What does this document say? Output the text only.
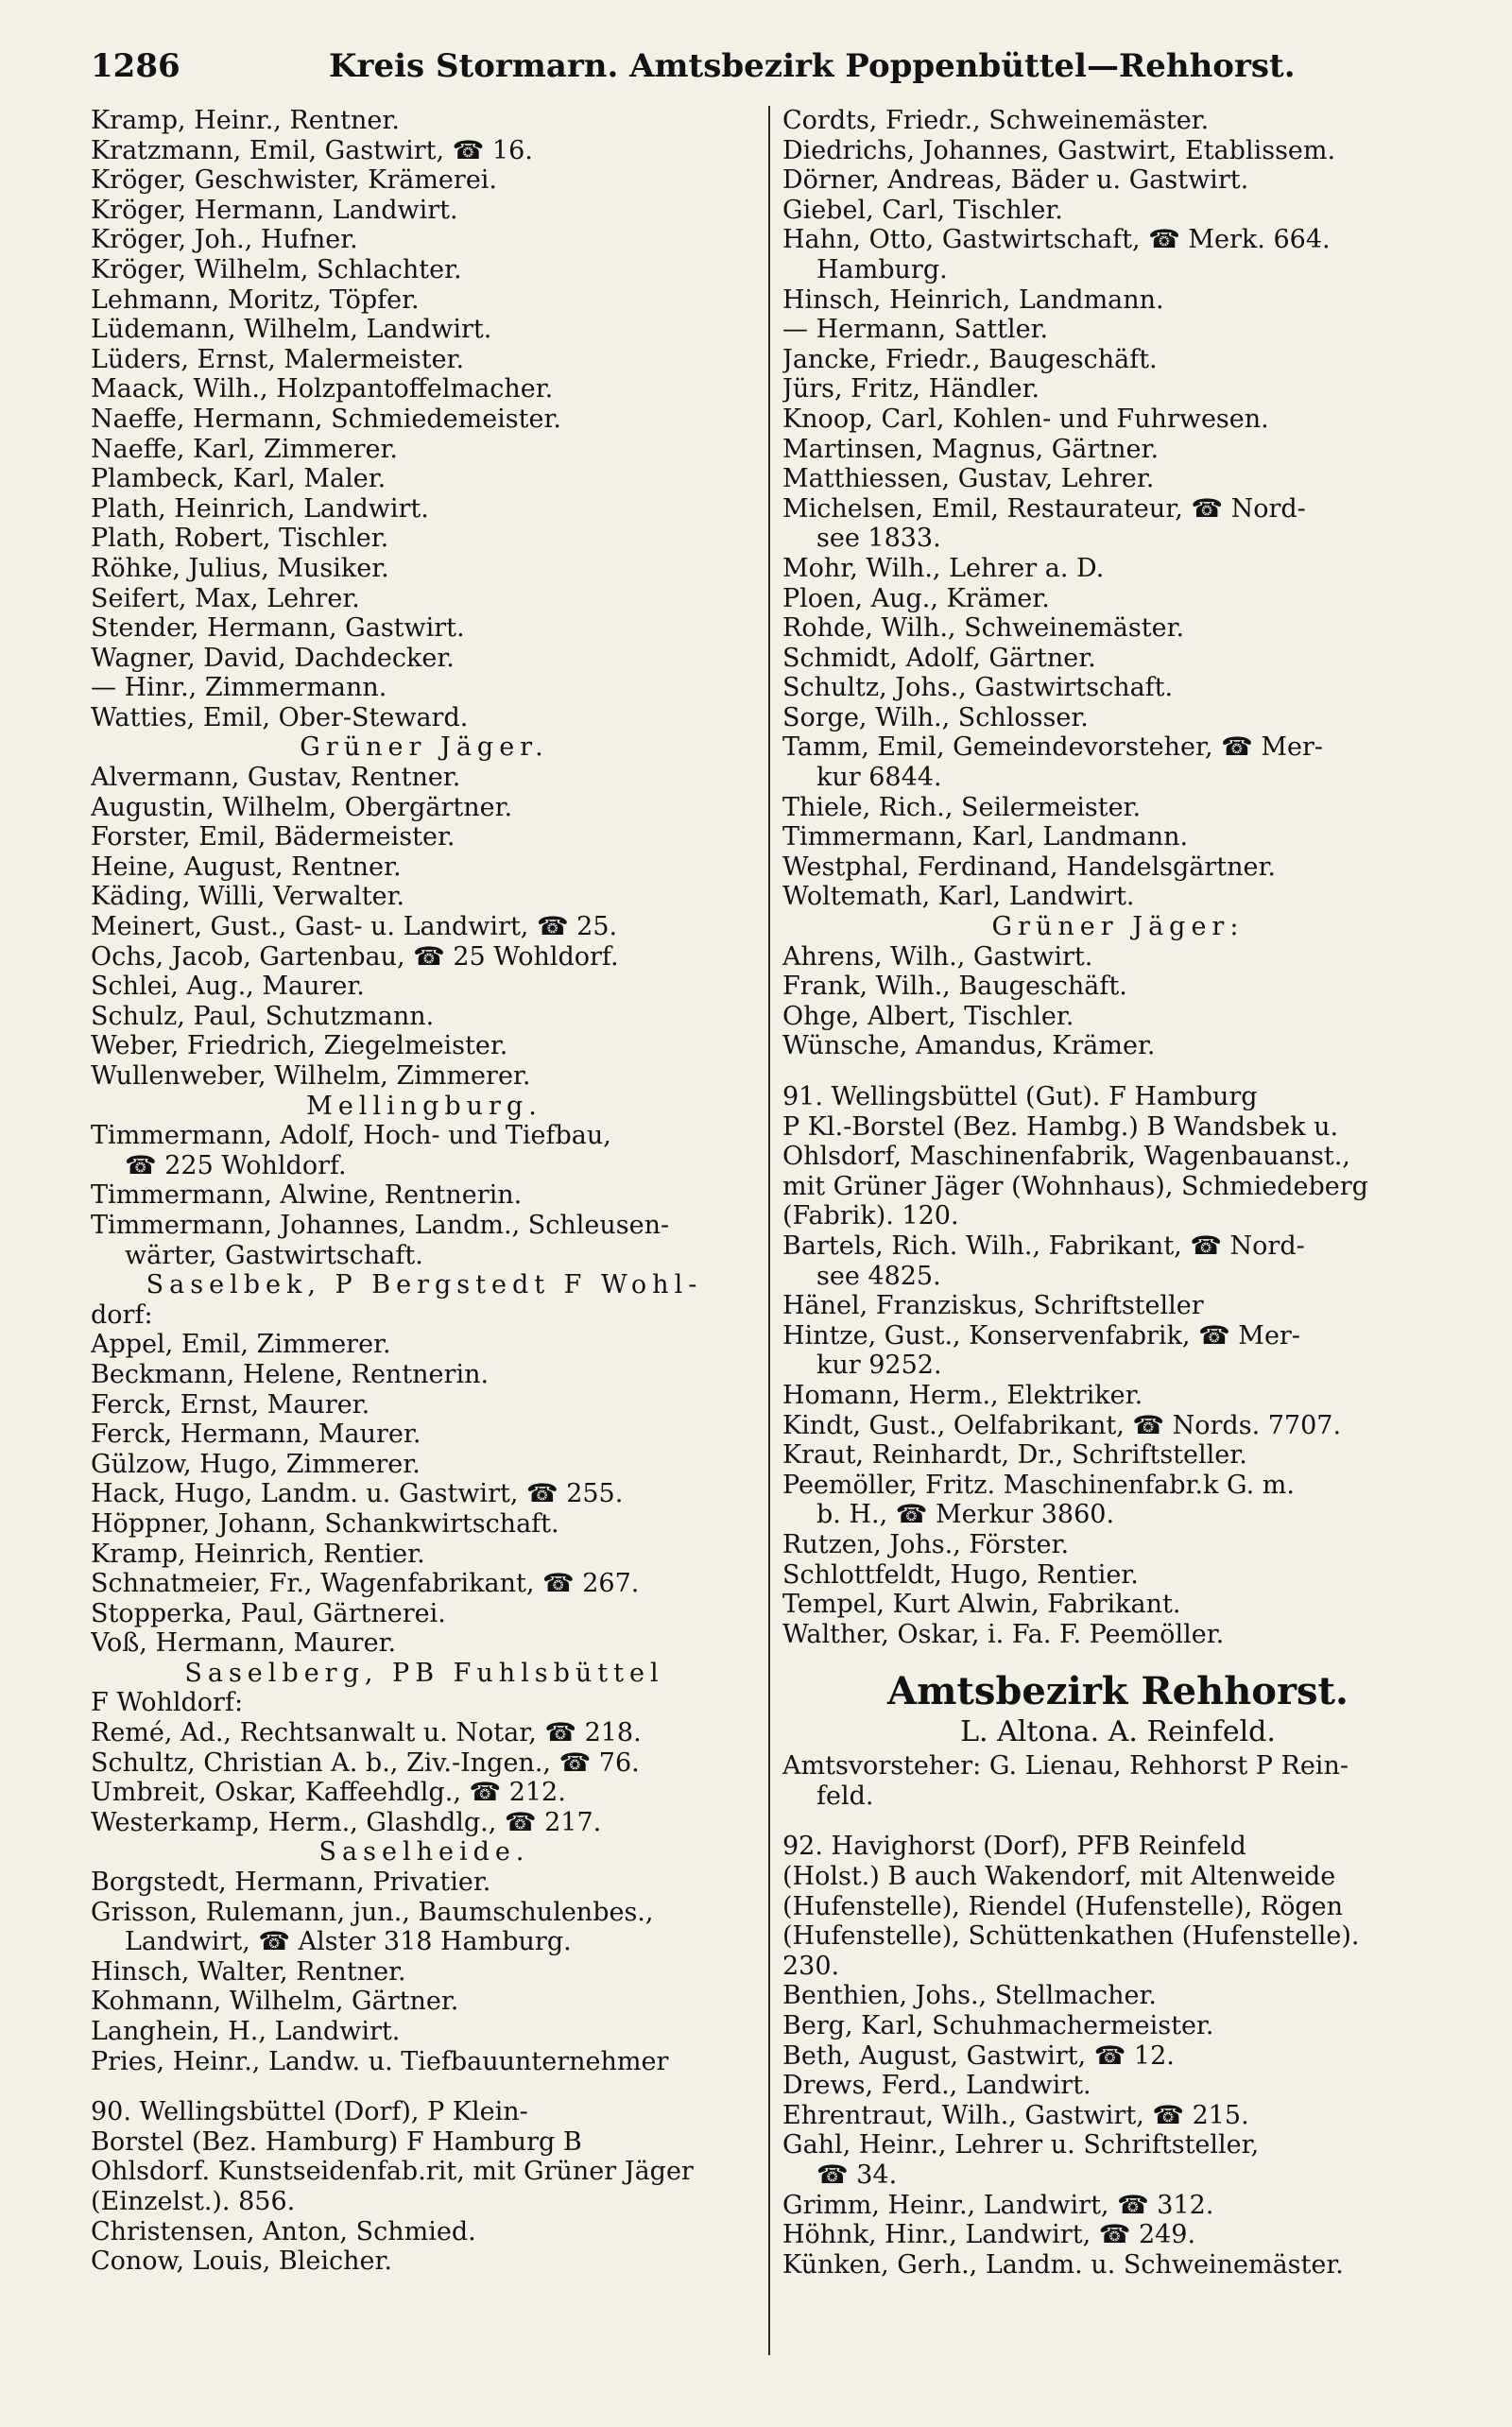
1286	Kreis Stormarn. Amtsbezirk Poppenbüttel—Rehhorst.
Kramp, Heinr., Rentner.
Kratzmann, Emil, Gastwirt, ☎ 16.
Kröger, Geschwister, Krämerei.
Kröger, Hermann, Landwirt.
Kröger, Joh., Hufner.
Kröger, Wilhelm, Schlachter.
Lehmann, Moritz, Töpfer.
Lüdemann, Wilhelm, Landwirt.
Lüders, Ernst, Malermeister.
Maack, Wilh., Holzpantoffelmacher.
Naeffe, Hermann, Schmiedemeister.
Naeffe, Karl, Zimmerer.
Plambeck, Karl, Maler.
Plath, Heinrich, Landwirt.
Plath, Robert, Tischler.
Röhke, Julius, Musiker.
Seifert, Max, Lehrer.
Stender, Hermann, Gastwirt.
Wagner, David, Dachdecker.
— Hinr., Zimmermann.
Watties, Emil, Ober-Steward.
Grüner Jäger.
Alvermann, Gustav, Rentner.
Augustin, Wilhelm, Obergärtner.
Forster, Emil, Bädermeister.
Heine, August, Rentner.
Käding, Willi, Verwalter.
Meinert, Gust., Gast- u. Landwirt, ☎ 25.
Ochs, Jacob, Gartenbau, ☎ 25 Wohldorf.
Schlei, Aug., Maurer.
Schulz, Paul, Schutzmann.
Weber, Friedrich, Ziegelmeister.
Wullenweber, Wilhelm, Zimmerer.
Mellingburg.
Timmermann, Adolf, Hoch- und Tiefbau,
☎ 225 Wohldorf.
Timmermann, Alwine, Rentnerin.
Timmermann, Johannes, Landm., Schleusen-
wärter, Gastwirtschaft.
Saselbek, P Bergstedt F Wohl-
dorf:
Appel, Emil, Zimmerer.
Beckmann, Helene, Rentnerin.
Ferck, Ernst, Maurer.
Ferck, Hermann, Maurer.
Gülzow, Hugo, Zimmerer.
Hack, Hugo, Landm. u. Gastwirt, ☎ 255.
Höppner, Johann, Schankwirtschaft.
Kramp, Heinrich, Rentier.
Schnatmeier, Fr., Wagenfabrikant, ☎ 267.
Stopperka, Paul, Gärtnerei.
Voß, Hermann, Maurer.
Saselberg, PB Fuhlsbüttel
F Wohldorf:
Remé, Ad., Rechtsanwalt u. Notar, ☎ 218.
Schultz, Christian A. b., Ziv.-Ingen., ☎ 76.
Umbreit, Oskar, Kaffeehdlg., ☎ 212.
Westerkamp, Herm., Glashdlg., ☎ 217.
Saselheide.
Borgstedt, Hermann, Privatier.
Grisson, Rulemann, jun., Baumschulenbes.,
Landwirt, ☎ Alster 318 Hamburg.
Hinsch, Walter, Rentner.
Kohmann, Wilhelm, Gärtner.
Langhein, H., Landwirt.
Pries, Heinr., Landw. u. Tiefbauunternehmer
90. Wellingsbüttel (Dorf), P Klein-
Borstel (Bez. Hamburg) F Hamburg B
Ohlsdorf. Kunstseidenfab.rit, mit Grüner Jäger
(Einzelst.). 856.
Christensen, Anton, Schmied.
Conow, Louis, Bleicher.
Cordts, Friedr., Schweinemäster.
Diedrichs, Johannes, Gastwirt, Etablissem.
Dörner, Andreas, Bäder u. Gastwirt.
Giebel, Carl, Tischler.
Hahn, Otto, Gastwirtschaft, ☎ Merk. 664.
Hamburg.
Hinsch, Heinrich, Landmann.
— Hermann, Sattler.
Jancke, Friedr., Baugeschäft.
Jürs, Fritz, Händler.
Knoop, Carl, Kohlen- und Fuhrwesen.
Martinsen, Magnus, Gärtner.
Matthiessen, Gustav, Lehrer.
Michelsen, Emil, Restaurateur, ☎ Nord-
see 1833.
Mohr, Wilh., Lehrer a. D.
Ploen, Aug., Krämer.
Rohde, Wilh., Schweinemäster.
Schmidt, Adolf, Gärtner.
Schultz, Johs., Gastwirtschaft.
Sorge, Wilh., Schlosser.
Tamm, Emil, Gemeindevorsteher, ☎ Mer-
kur 6844.
Thiele, Rich., Seilermeister.
Timmermann, Karl, Landmann.
Westphal, Ferdinand, Handelsgärtner.
Woltemath, Karl, Landwirt.
Grüner Jäger:
Ahrens, Wilh., Gastwirt.
Frank, Wilh., Baugeschäft.
Ohge, Albert, Tischler.
Wünsche, Amandus, Krämer.
91. Wellingsbüttel (Gut). F Hamburg
P Kl.-Borstel (Bez. Hambg.) B Wandsbek u.
Ohlsdorf, Maschinenfabrik, Wagenbauanst.,
mit Grüner Jäger (Wohnhaus), Schmiedeberg
(Fabrik). 120.
Bartels, Rich. Wilh., Fabrikant, ☎ Nord-
see 4825.
Hänel, Franziskus, Schriftsteller
Hintze, Gust., Konservenfabrik, ☎ Mer-
kur 9252.
Homann, Herm., Elektriker.
Kindt, Gust., Oelfabrikant, ☎ Nords. 7707.
Kraut, Reinhardt, Dr., Schriftsteller.
Peemöller, Fritz. Maschinenfabr.k G. m.
b. H., ☎ Merkur 3860.
Rutzen, Johs., Förster.
Schlottfeldt, Hugo, Rentier.
Tempel, Kurt Alwin, Fabrikant.
Walther, Oskar, i. Fa. F. Peemöller.
Amtsbezirk Rehhorst.
L. Altona. A. Reinfeld.
Amtsvorsteher: G. Lienau, Rehhorst P Rein-
feld.
92. Havighorst (Dorf), PFB Reinfeld
(Holst.) B auch Wakendorf, mit Altenweide
(Hufenstelle), Riendel (Hufenstelle), Rögen
(Hufenstelle), Schüttenkathen (Hufenstelle).
230.
Benthien, Johs., Stellmacher.
Berg, Karl, Schuhmachermeister.
Beth, August, Gastwirt, ☎ 12.
Drews, Ferd., Landwirt.
Ehrentraut, Wilh., Gastwirt, ☎ 215.
Gahl, Heinr., Lehrer u. Schriftsteller,
☎ 34.
Grimm, Heinr., Landwirt, ☎ 312.
Höhnk, Hinr., Landwirt, ☎ 249.
Künken, Gerh., Landm. u. Schweinemäster.
